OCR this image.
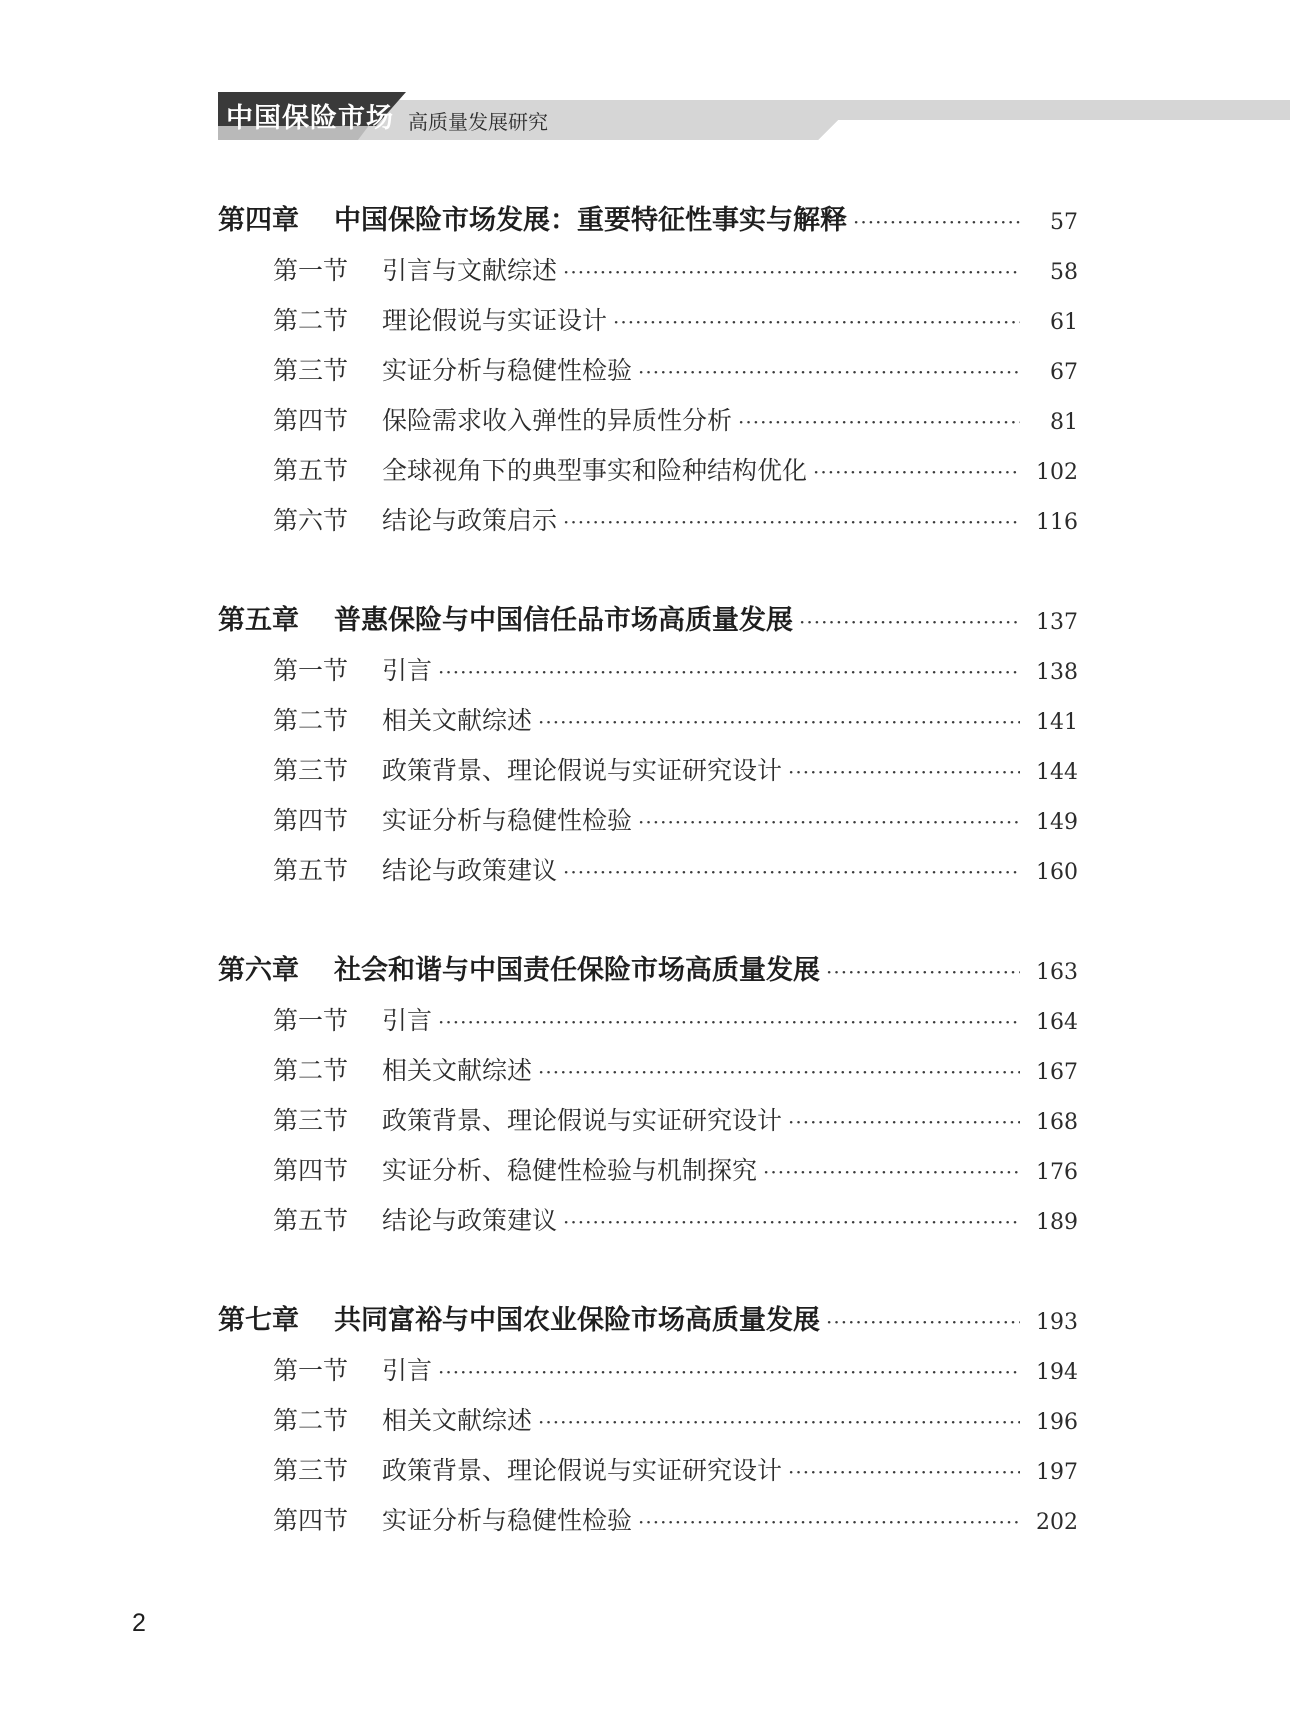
中国保险市场 高质量发展研究
第四章	中国保险市场发展：重要特征性事实与解释 ·····	57
第一节	引言与文献综述 ·····	58
第二节	理论假说与实证设计 ·····	61
第三节	实证分析与稳健性检验 ·····	67
第四节	保险需求收入弹性的异质性分析 ·····	81
第五节	全球视角下的典型事实和险种结构优化 ·····	102
第六节	结论与政策启示 ·····	116
第五章	普惠保险与中国信任品市场高质量发展 ·····	137
第一节	引言 ·····	138
第二节	相关文献综述 ·····	141
第三节	政策背景、理论假说与实证研究设计 ·····	144
第四节	实证分析与稳健性检验 ·····	149
第五节	结论与政策建议 ·····	160
第六章	社会和谐与中国责任保险市场高质量发展 ·····	163
第一节	引言 ·····	164
第二节	相关文献综述 ·····	167
第三节	政策背景、理论假说与实证研究设计 ·····	168
第四节	实证分析、稳健性检验与机制探究 ·····	176
第五节	结论与政策建议 ·····	189
第七章	共同富裕与中国农业保险市场高质量发展 ·····	193
第一节	引言 ·····	194
第二节	相关文献综述 ·····	196
第三节	政策背景、理论假说与实证研究设计 ·····	197
第四节	实证分析与稳健性检验 ·····	202
2
